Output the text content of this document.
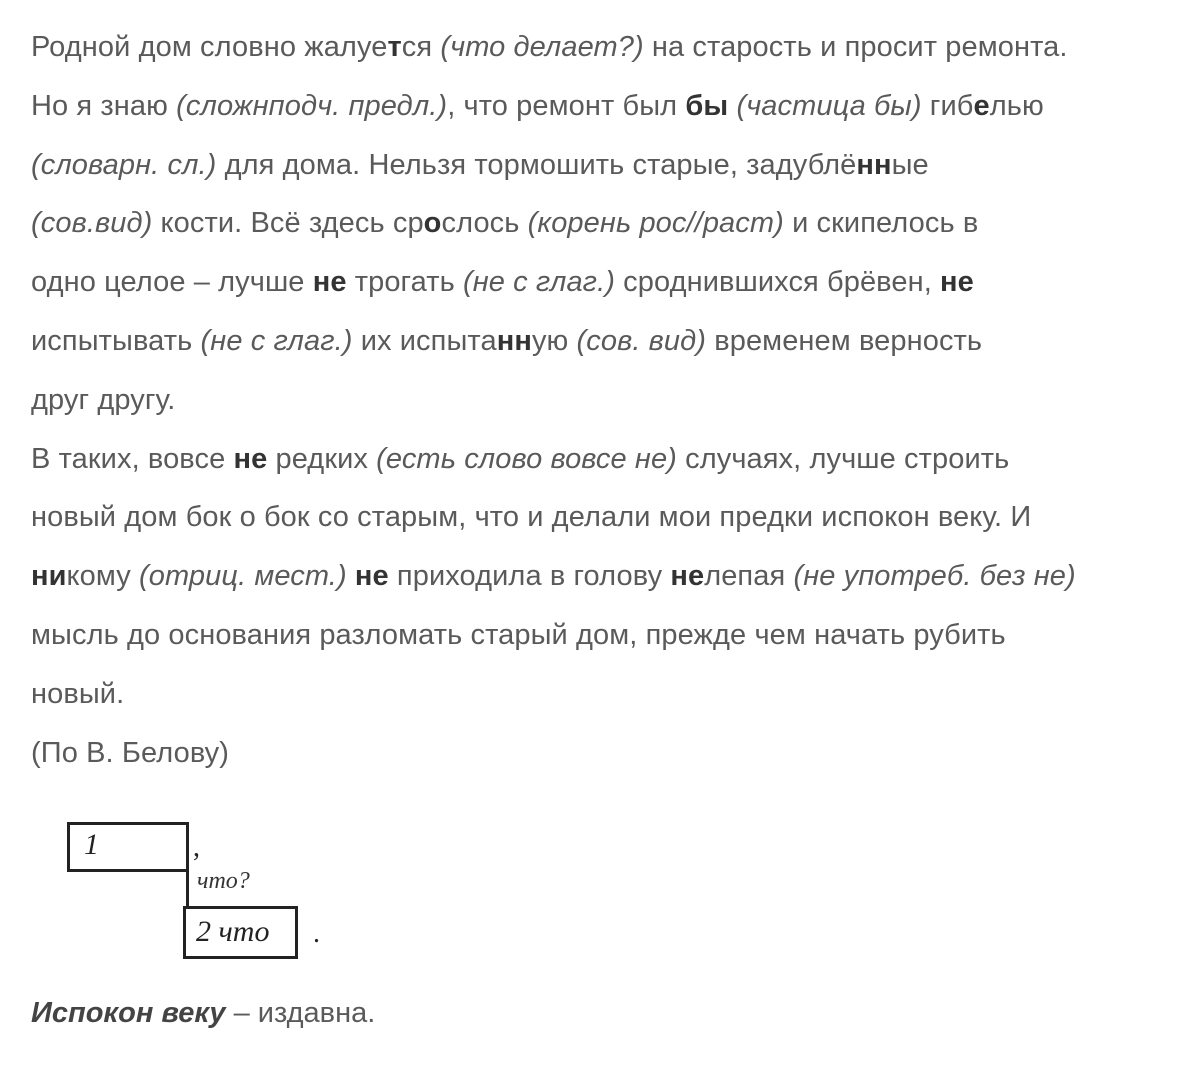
Родной дом словно жалуется (что делает?) на старость и просит ремонта.
Но я знаю (сложнподч. предл.), что ремонт был бы (частица бы) гибелью
(словарн. сл.) для дома. Нельзя тормошить старые, задублённые
(сов.вид) кости. Всё здесь срослось (корень рос//раст) и скипелось в
одно целое – лучше не трогать (не с глаг.) сроднившихся брёвен, не
испытывать (не с глаг.) их испытанную (сов. вид) временем верность
друг другу.
В таких, вовсе не редких (есть слово вовсе не) случаях, лучше строить
новый дом бок о бок со старым, что и делали мои предки испокон веку. И
никому (отриц. мест.) не приходила в голову нелепая (не употреб. без не)
мысль до основания разломать старый дом, прежде чем начать рубить
новый.
(По В. Белову)
1	,
что?
2 что	.
Испокон веку – издавна.
